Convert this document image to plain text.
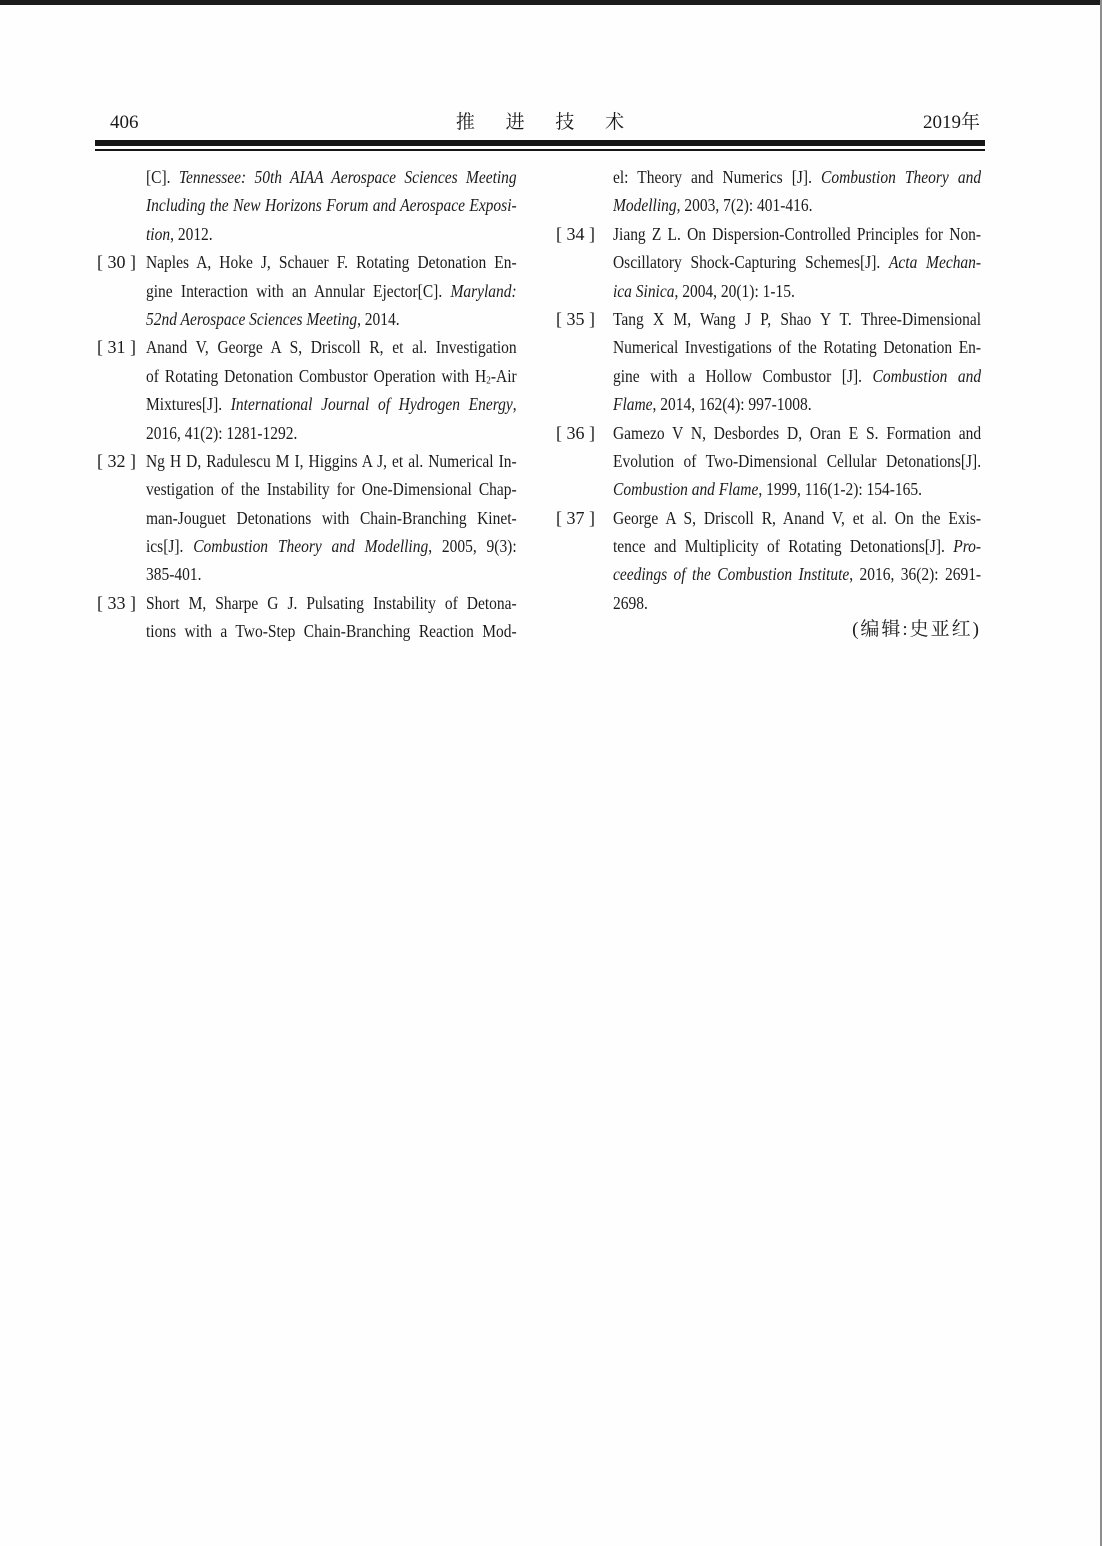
406	推 进 技 术	2019年
[C]. Tennessee: 50th AIAA Aerospace Sciences Meeting
Including the New Horizons Forum and Aerospace Exposi-
tion, 2012.
[ 30 ] Naples A, Hoke J, Schauer F. Rotating Detonation En-
gine Interaction with an Annular Ejector[C]. Maryland:
52nd Aerospace Sciences Meeting, 2014.
[ 31 ] Anand V, George A S, Driscoll R, et al. Investigation
of Rotating Detonation Combustor Operation with H2-Air
Mixtures[J]. International Journal of Hydrogen Energy,
2016, 41(2): 1281-1292.
[ 32 ] Ng H D, Radulescu M I, Higgins A J, et al. Numerical In-
vestigation of the Instability for One-Dimensional Chap-
man-Jouguet Detonations with Chain-Branching Kinet-
ics[J]. Combustion Theory and Modelling, 2005, 9(3):
385-401.
[ 33 ] Short M, Sharpe G J. Pulsating Instability of Detona-
tions with a Two-Step Chain-Branching Reaction Mod-
el: Theory and Numerics [J]. Combustion Theory and
Modelling, 2003, 7(2): 401-416.
[ 34 ]	Jiang Z L. On Dispersion-Controlled Principles for Non-
Oscillatory Shock-Capturing Schemes[J]. Acta Mechan-
ica Sinica, 2004, 20(1): 1-15.
[ 35 ]	Tang X M, Wang J P, Shao Y T. Three-Dimensional
Numerical Investigations of the Rotating Detonation En-
gine with a Hollow Combustor [J]. Combustion and
Flame, 2014, 162(4): 997-1008.
[ 36 ]	Gamezo V N, Desbordes D, Oran E S. Formation and
Evolution of Two-Dimensional Cellular Detonations[J].
Combustion and Flame, 1999, 116(1-2): 154-165.
[ 37 ]	George A S, Driscoll R, Anand V, et al. On the Exis-
tence and Multiplicity of Rotating Detonations[J]. Pro-
ceedings of the Combustion Institute, 2016, 36(2): 2691-
2698.
(编辑:史亚红)
